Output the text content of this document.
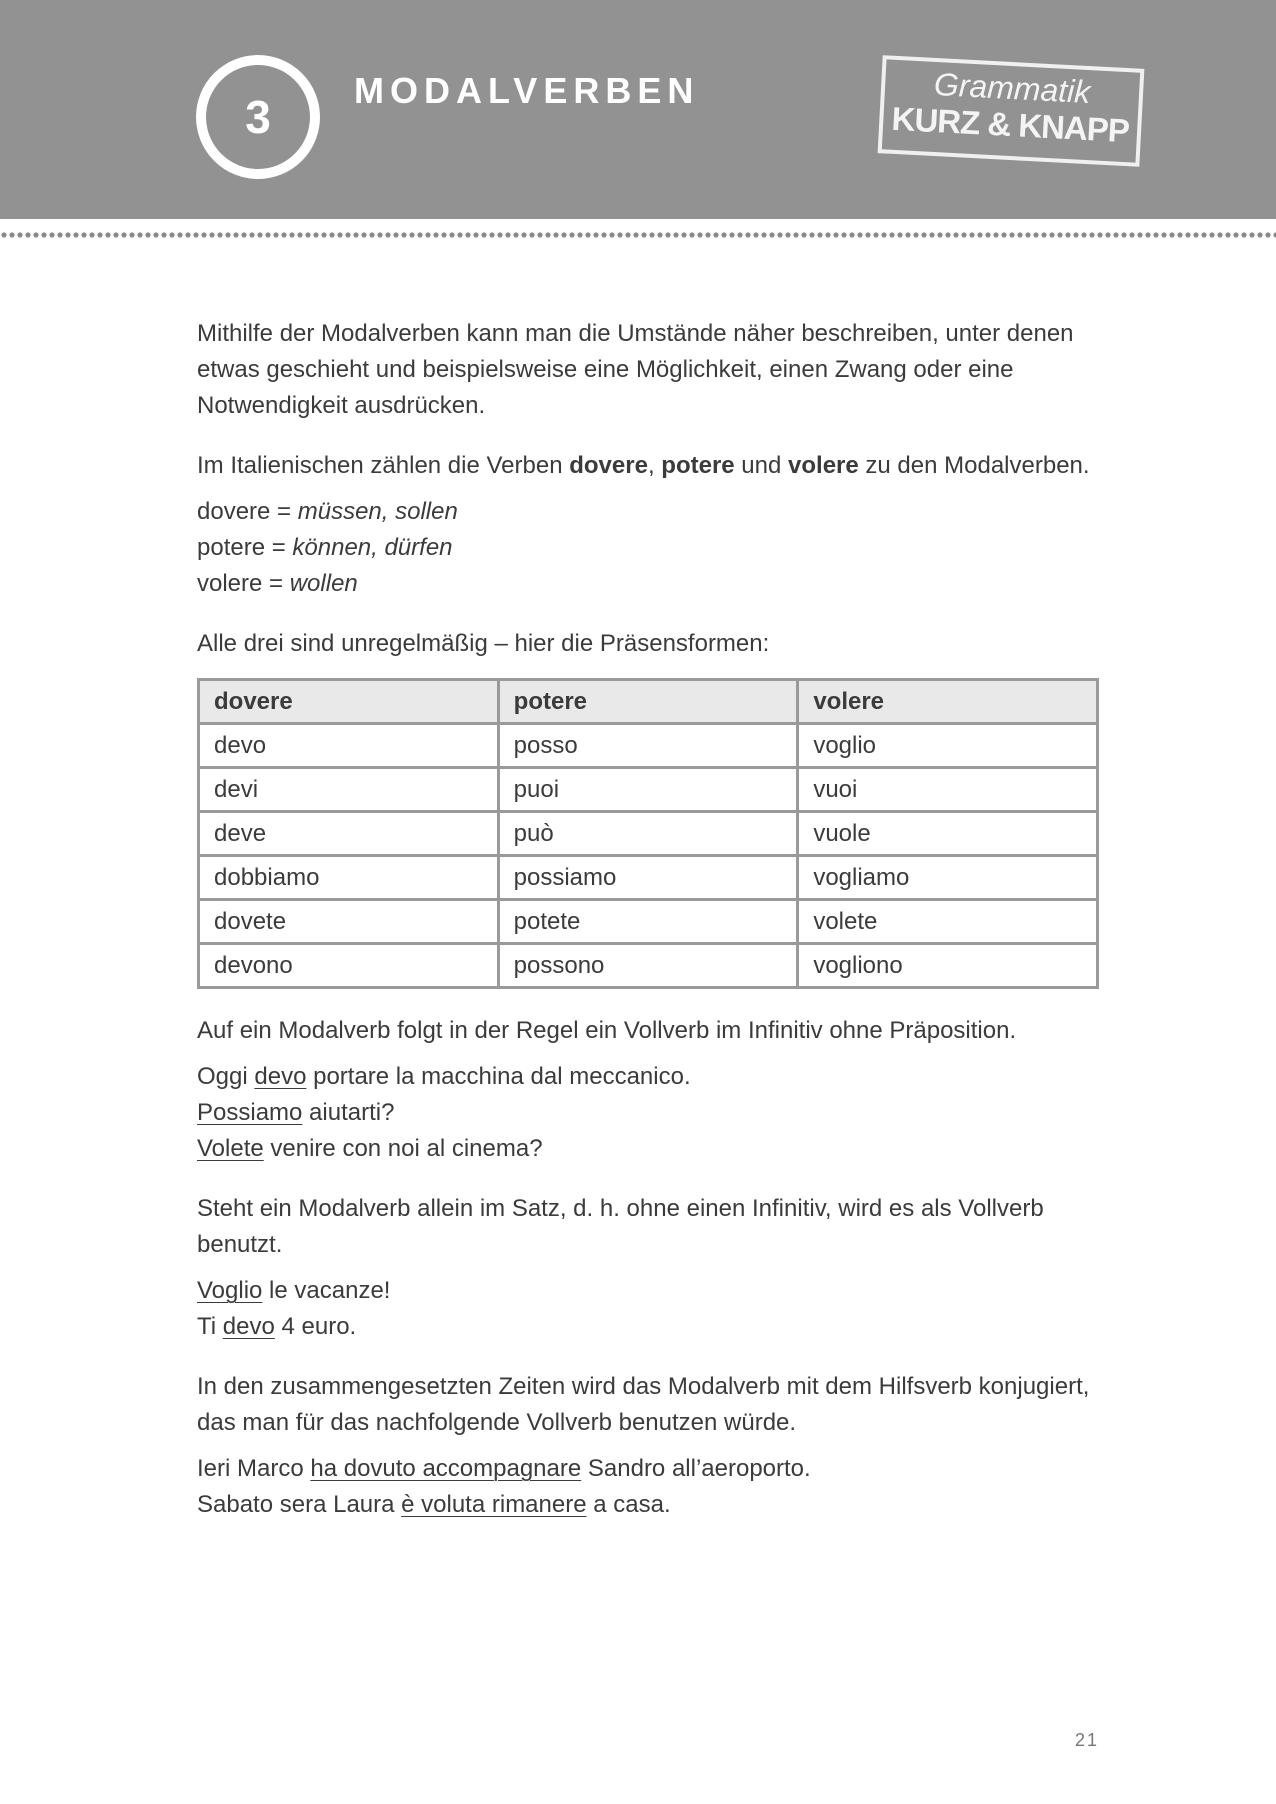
3
MODALVERBEN	Grammatik
KURZ & KNAPP

Mithilfe der Modalverben kann man die Umstände näher beschreiben, unter denen etwas geschieht und beispielsweise eine Möglichkeit, einen Zwang oder eine Notwendigkeit ausdrücken.

Im Italienischen zählen die Verben dovere, potere und volere zu den Modalverben.

dovere = müssen, sollen

potere = können, dürfen

volere = wollen

Alle drei sind unregelmäßig – hier die Präsensformen:

dovere	potere	volere
devo	posso	voglio
devi	puoi	vuoi
deve	può	vuole
dobbiamo	possiamo	vogliamo
dovete	potete	volete
devono	possono	vogliono

Auf ein Modalverb folgt in der Regel ein Vollverb im Infinitiv ohne Präposition.

Oggi devo portare la macchina dal meccanico.

Possiamo aiutarti?

Volete venire con noi al cinema?

Steht ein Modalverb allein im Satz, d. h. ohne einen Infinitiv, wird es als Vollverb benutzt.

Voglio le vacanze!

Ti devo 4 euro.

In den zusammengesetzten Zeiten wird das Modalverb mit dem Hilfsverb konjugiert, das man für das nachfolgende Vollverb benutzen würde.

Ieri Marco ha dovuto accompagnare Sandro all’aeroporto.

Sabato sera Laura è voluta rimanere a casa.

21
